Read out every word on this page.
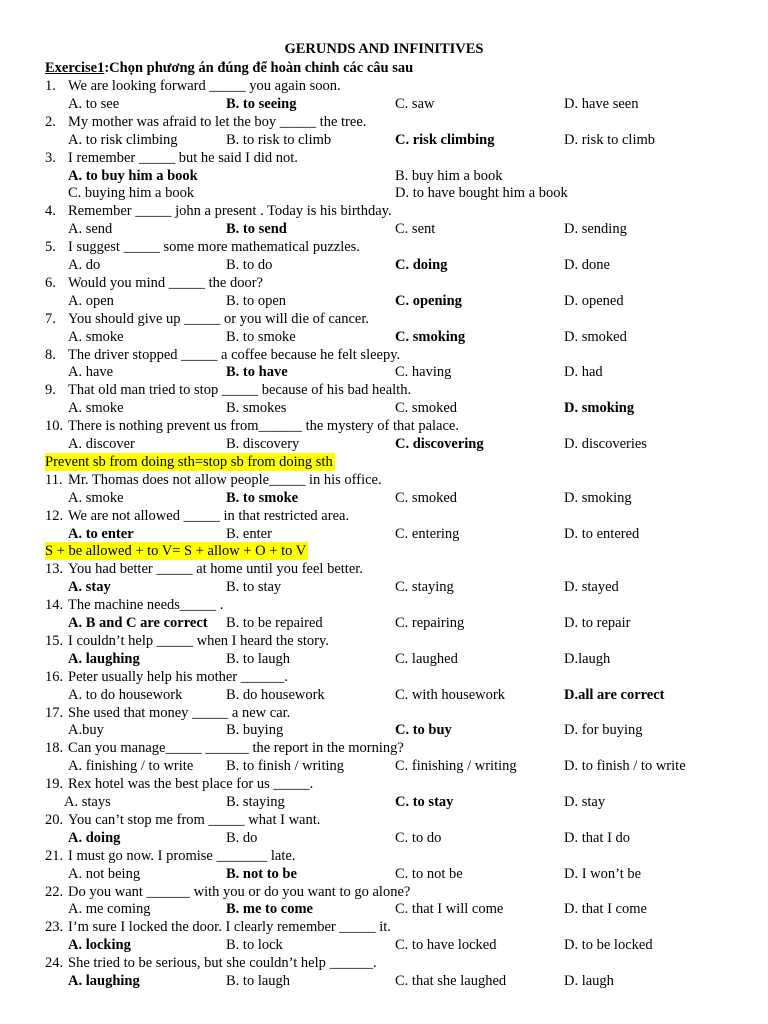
GERUNDS AND INFINITIVES
Exercise1:Chọn phương án đúng để hoàn chỉnh các câu sau
1. We are looking forward _____ you again soon.
A. to see	B. to seeing	C. saw	D. have seen
2. My mother was afraid to let the boy _____ the tree.
A. to risk climbing	B. to risk to climb	C. risk climbing	D. risk to climb
3. I remember _____ but he said I did not.
A. to buy him a book	B. buy him a book
C. buying him a book	D. to have bought him a book
4. Remember _____ john a present . Today is his birthday.
A. send	B. to send	C. sent	D. sending
5. I suggest _____ some more mathematical puzzles.
A. do	B. to do	C. doing	D. done
6. Would you mind _____ the door?
A. open	B. to open	C. opening	D. opened
7. You should give up _____ or you will die of cancer.
A. smoke	B. to smoke	C. smoking	D. smoked
8. The driver stopped _____ a coffee because he felt sleepy.
A. have	B. to have	C. having	D. had
9. That old man tried to stop _____ because of his bad health.
A. smoke	B. smokes	C. smoked	D. smoking
10. There is nothing prevent us from______ the mystery of that palace.
A. discover	B. discovery	C. discovering	D. discoveries
Prevent sb from doing sth=stop sb from doing sth
11. Mr. Thomas does not allow people_____ in his office.
A. smoke	B. to smoke	C. smoked	D. smoking
12. We are not allowed _____ in that restricted area.
A. to enter	B. enter	C. entering	D. to entered
S + be allowed + to V= S + allow + O + to V
13. You had better _____ at home until you feel better.
A. stay	B. to stay	C. staying	D. stayed
14. The machine needs_____ .
A. B and C are correct B. to be repaired	C. repairing	D. to repair
15. I couldn’t help _____ when I heard the story.
A. laughing	B. to laugh	C. laughed	D.laugh
16. Peter usually help his mother ______.
A. to do housework	B. do housework	C. with housework	D.all are correct
17. She used that money _____ a new car.
A.buy	B. buying	C. to buy	D. for buying
18. Can you manage_____ ______ the report in the morning?
A. finishing / to write B. to finish / writing	C. finishing / writing	D. to finish / to write
19. Rex hotel was the best place for us _____.
A. stays	B. staying	C. to stay	D. stay
20. You can’t stop me from _____ what I want.
A. doing	B. do	C. to do	D. that I do
21. I must go now. I promise _______ late.
A. not being	B. not to be	C. to not be	D. I won’t be
22. Do you want ______ with you or do you want to go alone?
A. me coming	B. me to come	C. that I will come	D. that I come
23. I’m sure I locked the door. I clearly remember _____ it.
A. locking	B. to lock	C. to have locked	D. to be locked
24. She tried to be serious, but she couldn’t help ______.
A. laughing	B. to laugh	C. that she laughed	D. laugh
